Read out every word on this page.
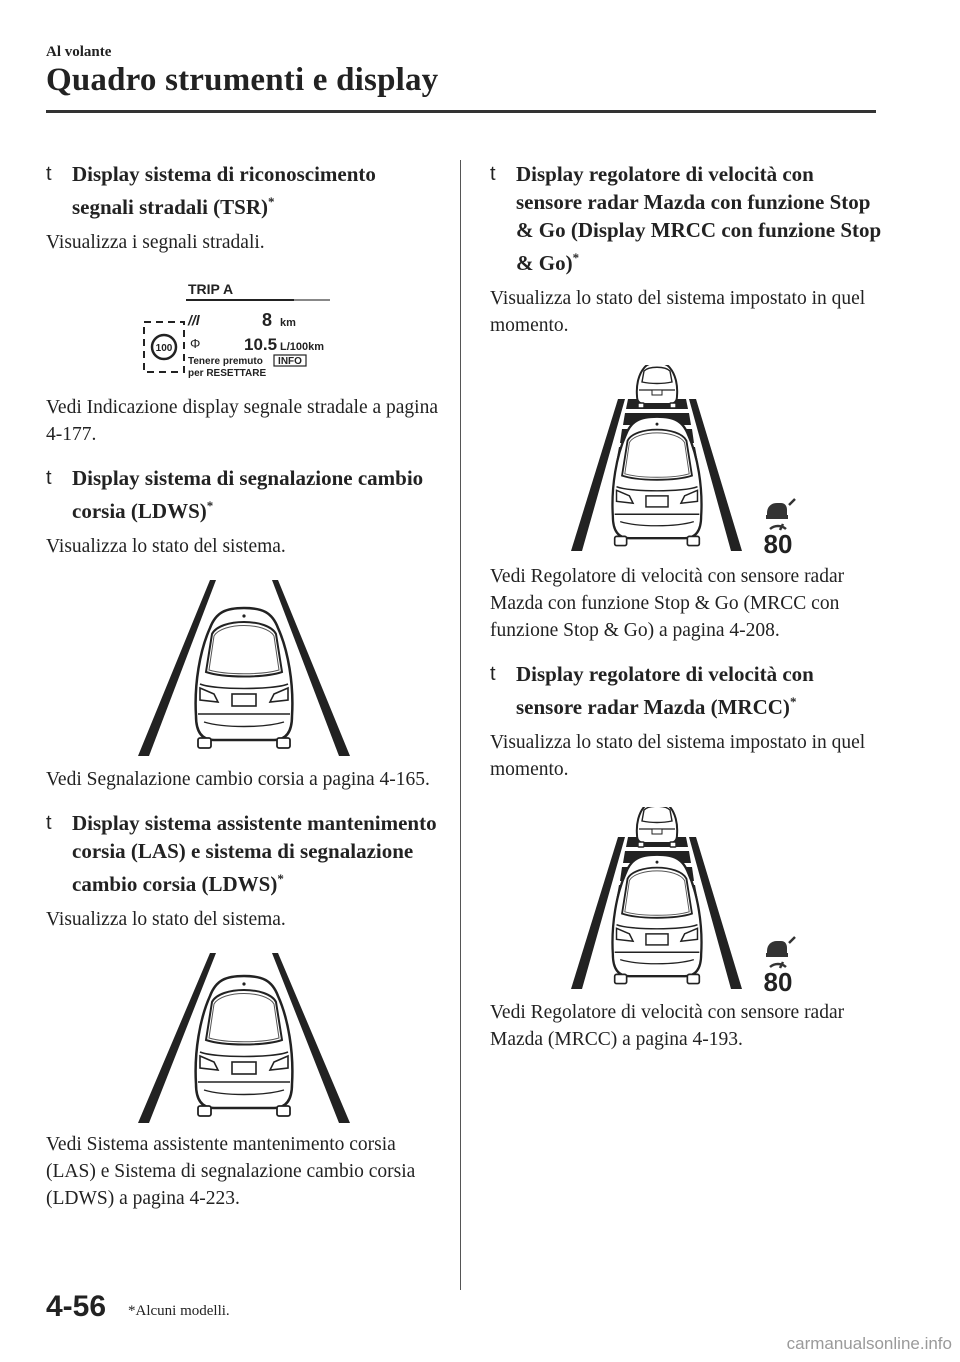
Al volante
Quadro strumenti e display
t Display sistema di riconoscimento segnali stradali (TSR)*

Visualizza i segnali stradali.

TRIP A
//l	8 km
Φ	10.5 L/100km
100
Tenere premuto INFO
per RESETTARE

Vedi Indicazione display segnale stradale a pagina 4-177.

t Display sistema di segnalazione cambio corsia (LDWS)*

Visualizza lo stato del sistema.

Vedi Segnalazione cambio corsia a pagina 4-165.

t Display sistema assistente mantenimento corsia (LAS) e sistema di segnalazione cambio corsia (LDWS)*

Visualizza lo stato del sistema.

Vedi Sistema assistente mantenimento corsia (LAS) e Sistema di segnalazione cambio corsia (LDWS) a pagina 4-223.

t Display regolatore di velocità con sensore radar Mazda con funzione Stop & Go (Display MRCC con funzione Stop & Go)*

Visualizza lo stato del sistema impostato in quel momento.

80

Vedi Regolatore di velocità con sensore radar Mazda con funzione Stop & Go (MRCC con funzione Stop & Go) a pagina 4-208.

t Display regolatore di velocità con sensore radar Mazda (MRCC)*

Visualizza lo stato del sistema impostato in quel momento.

80

Vedi Regolatore di velocità con sensore radar Mazda (MRCC) a pagina 4-193.

4-56 *Alcuni modelli.
carmanualsonline.info
